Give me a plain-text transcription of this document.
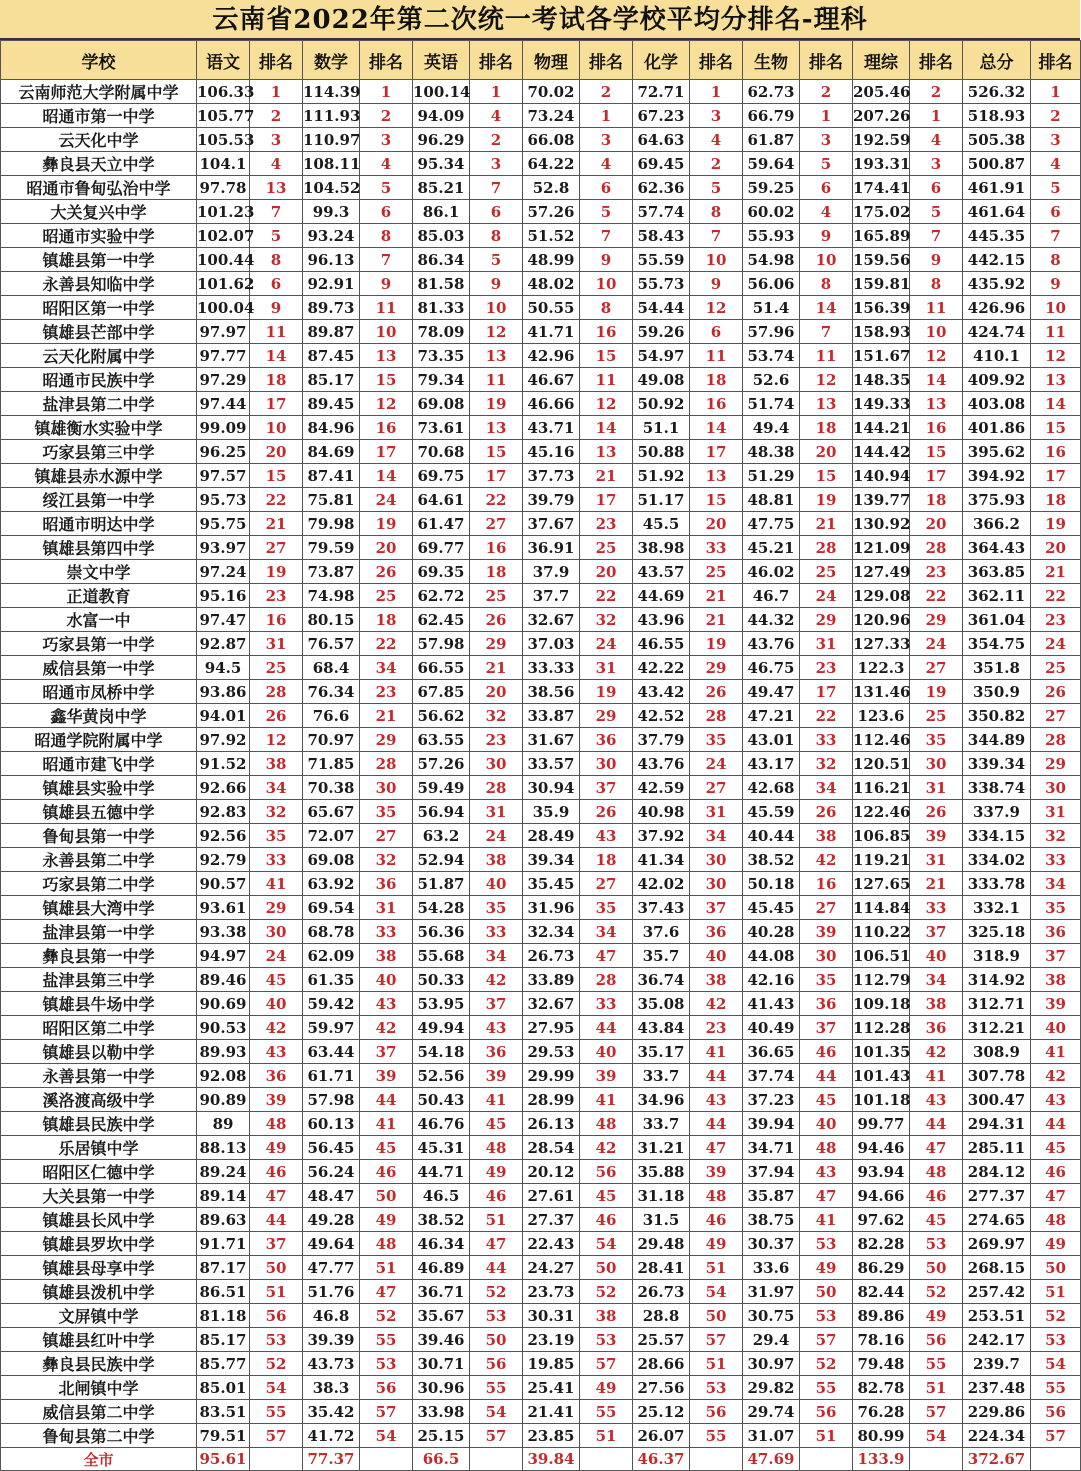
云南省2022年第二次统一考试各学校平均分排名-理科
学校	语文	排名	数学	排名	英语	排名	物理	排名	化学	排名	生物	排名	理综	排名	总分	排名
云南师范大学附属中学	106.33	1	114.39	1	100.14	1	70.02	2	72.71	1	62.73	2	205.46	2	526.32	1
昭通市第一中学	105.77	2	111.93	2	94.09	4	73.24	1	67.23	3	66.79	1	207.26	1	518.93	2
云天化中学	105.53	3	110.97	3	96.29	2	66.08	3	64.63	4	61.87	3	192.59	4	505.38	3
彝良县天立中学	104.1	4	108.11	4	95.34	3	64.22	4	69.45	2	59.64	5	193.31	3	500.87	4
昭通市鲁甸弘治中学	97.78	13	104.52	5	85.21	7	52.8	6	62.36	5	59.25	6	174.41	6	461.91	5
大关复兴中学	101.23	7	99.3	6	86.1	6	57.26	5	57.74	8	60.02	4	175.02	5	461.64	6
昭通市实验中学	102.07	5	93.24	8	85.03	8	51.52	7	58.43	7	55.93	9	165.89	7	445.35	7
镇雄县第一中学	100.44	8	96.13	7	86.34	5	48.99	9	55.59	10	54.98	10	159.56	9	442.15	8
永善县知临中学	101.62	6	92.91	9	81.58	9	48.02	10	55.73	9	56.06	8	159.81	8	435.92	9
昭阳区第一中学	100.04	9	89.73	11	81.33	10	50.55	8	54.44	12	51.4	14	156.39	11	426.96	10
镇雄县芒部中学	97.97	11	89.87	10	78.09	12	41.71	16	59.26	6	57.96	7	158.93	10	424.74	11
云天化附属中学	97.77	14	87.45	13	73.35	13	42.96	15	54.97	11	53.74	11	151.67	12	410.1	12
昭通市民族中学	97.29	18	85.17	15	79.34	11	46.67	11	49.08	18	52.6	12	148.35	14	409.92	13
盐津县第二中学	97.44	17	89.45	12	69.08	19	46.66	12	50.92	16	51.74	13	149.33	13	403.08	14
镇雄衡水实验中学	99.09	10	84.96	16	73.61	13	43.71	14	51.1	14	49.4	18	144.21	16	401.86	15
巧家县第三中学	96.25	20	84.69	17	70.68	15	45.16	13	50.88	17	48.38	20	144.42	15	395.62	16
镇雄县赤水源中学	97.57	15	87.41	14	69.75	17	37.73	21	51.92	13	51.29	15	140.94	17	394.92	17
绥江县第一中学	95.73	22	75.81	24	64.61	22	39.79	17	51.17	15	48.81	19	139.77	18	375.93	18
昭通市明达中学	95.75	21	79.98	19	61.47	27	37.67	23	45.5	20	47.75	21	130.92	20	366.2	19
镇雄县第四中学	93.97	27	79.59	20	69.77	16	36.91	25	38.98	33	45.21	28	121.09	28	364.43	20
崇文中学	97.24	19	73.87	26	69.35	18	37.9	20	43.57	25	46.02	25	127.49	23	363.85	21
正道教育	95.16	23	74.98	25	62.72	25	37.7	22	44.69	21	46.7	24	129.08	22	362.11	22
水富一中	97.47	16	80.15	18	62.45	26	32.67	32	43.96	21	44.32	29	120.96	29	361.04	23
巧家县第一中学	92.87	31	76.57	22	57.98	29	37.03	24	46.55	19	43.76	31	127.33	24	354.75	24
威信县第一中学	94.5	25	68.4	34	66.55	21	33.33	31	42.22	29	46.75	23	122.3	27	351.8	25
昭通市凤桥中学	93.86	28	76.34	23	67.85	20	38.56	19	43.42	26	49.47	17	131.46	19	350.9	26
鑫华黄岗中学	94.01	26	76.6	21	56.62	32	33.87	29	42.52	28	47.21	22	123.6	25	350.82	27
昭通学院附属中学	97.92	12	70.97	29	63.55	23	31.67	36	37.79	35	43.01	33	112.46	35	344.89	28
昭通市建飞中学	91.52	38	71.85	28	57.26	30	33.57	30	43.76	24	43.17	32	120.51	30	339.34	29
镇雄县实验中学	92.66	34	70.38	30	59.49	28	30.94	37	42.59	27	42.68	34	116.21	31	338.74	30
镇雄县五德中学	92.83	32	65.67	35	56.94	31	35.9	26	40.98	31	45.59	26	122.46	26	337.9	31
鲁甸县第一中学	92.56	35	72.07	27	63.2	24	28.49	43	37.92	34	40.44	38	106.85	39	334.15	32
永善县第二中学	92.79	33	69.08	32	52.94	38	39.34	18	41.34	30	38.52	42	119.21	31	334.02	33
巧家县第二中学	90.57	41	63.92	36	51.87	40	35.45	27	42.02	30	50.18	16	127.65	21	333.78	34
镇雄县大湾中学	93.61	29	69.54	31	54.28	35	31.96	35	37.43	37	45.45	27	114.84	33	332.1	35
盐津县第一中学	93.38	30	68.78	33	56.36	33	32.34	34	37.6	36	40.28	39	110.22	37	325.18	36
彝良县第一中学	94.97	24	62.09	38	55.68	34	26.73	47	35.7	40	44.08	30	106.51	40	318.9	37
盐津县第三中学	89.46	45	61.35	40	50.33	42	33.89	28	36.74	38	42.16	35	112.79	34	314.92	38
镇雄县牛场中学	90.69	40	59.42	43	53.95	37	32.67	33	35.08	42	41.43	36	109.18	38	312.71	39
昭阳区第二中学	90.53	42	59.97	42	49.94	43	27.95	44	43.84	23	40.49	37	112.28	36	312.21	40
镇雄县以勒中学	89.93	43	63.44	37	54.18	36	29.53	40	35.17	41	36.65	46	101.35	42	308.9	41
永善县第一中学	92.08	36	61.71	39	52.56	39	29.99	39	33.7	44	37.74	44	101.43	41	307.78	42
溪洛渡高级中学	90.89	39	57.98	44	50.43	41	28.99	41	34.96	43	37.23	45	101.18	43	300.47	43
镇雄县民族中学	89	48	60.13	41	46.76	45	26.13	48	33.7	44	39.94	40	99.77	44	294.31	44
乐居镇中学	88.13	49	56.45	45	45.31	48	28.54	42	31.21	47	34.71	48	94.46	47	285.11	45
昭阳区仁德中学	89.24	46	56.24	46	44.71	49	20.12	56	35.88	39	37.94	43	93.94	48	284.12	46
大关县第一中学	89.14	47	48.47	50	46.5	46	27.61	45	31.18	48	35.87	47	94.66	46	277.37	47
镇雄县长风中学	89.63	44	49.28	49	38.52	51	27.37	46	31.5	46	38.75	41	97.62	45	274.65	48
镇雄县罗坎中学	91.71	37	49.64	48	46.34	47	22.43	54	29.48	49	30.37	53	82.28	53	269.97	49
镇雄县母享中学	87.17	50	47.77	51	46.89	44	24.27	50	28.41	51	33.6	49	86.29	50	268.15	50
镇雄县泼机中学	86.51	51	51.76	47	36.71	52	23.73	52	26.73	54	31.97	50	82.44	52	257.42	51
文屏镇中学	81.18	56	46.8	52	35.67	53	30.31	38	28.8	50	30.75	53	89.86	49	253.51	52
镇雄县红叶中学	85.17	53	39.39	55	39.46	50	23.19	53	25.57	57	29.4	57	78.16	56	242.17	53
彝良县民族中学	85.77	52	43.73	53	30.71	56	19.85	57	28.66	51	30.97	52	79.48	55	239.7	54
北闸镇中学	85.01	54	38.3	56	30.96	55	25.41	49	27.56	53	29.82	55	82.78	51	237.48	55
威信县第二中学	83.51	55	35.42	57	33.98	54	21.41	55	25.12	56	29.74	56	76.28	57	229.86	56
鲁甸县第二中学	79.51	57	41.72	54	25.15	57	23.85	51	26.07	55	31.07	51	80.99	54	224.34	57
全市	95.61		77.37		66.5		39.84		46.37		47.69		133.9		372.67	
